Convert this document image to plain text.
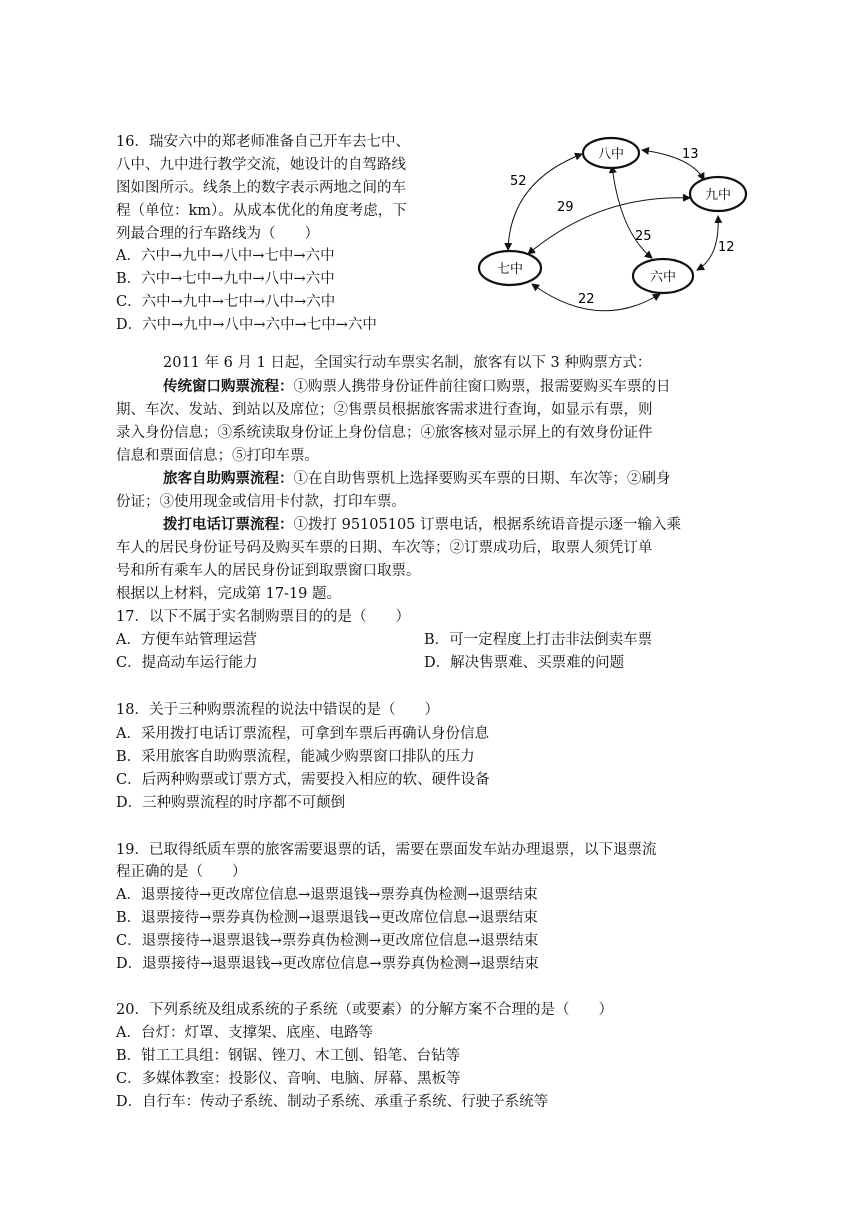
16．瑞安六中的郑老师准备自己开车去七中、
八中、九中进行教学交流，她设计的自驾路线
图如图所示。线条上的数字表示两地之间的车
程（单位：km）。从成本优化的角度考虑，下
列最合理的行车路线为（　　）
A．六中→九中→八中→七中→六中
B．六中→七中→九中→八中→六中
C．六中→九中→七中→八中→六中
D．六中→九中→八中→六中→七中→六中
52
13
29
25
12
22
八中
九中
七中
六中
2011 年 6 月 1 日起，全国实行动车票实名制，旅客有以下 3 种购票方式：
传统窗口购票流程：①购票人携带身份证件前往窗口购票，报需要购买车票的日
期、车次、发站、到站以及席位；②售票员根据旅客需求进行查询，如显示有票，则
录入身份信息；③系统读取身份证上身份信息；④旅客核对显示屏上的有效身份证件
信息和票面信息；⑤打印车票。
旅客自助购票流程：①在自助售票机上选择要购买车票的日期、车次等；②刷身
份证；③使用现金或信用卡付款，打印车票。
拨打电话订票流程：①拨打 95105105 订票电话，根据系统语音提示逐一输入乘
车人的居民身份证号码及购买车票的日期、车次等；②订票成功后，取票人须凭订单
号和所有乘车人的居民身份证到取票窗口取票。
根据以上材料，完成第 17-19 题。
17．以下不属于实名制购票目的的是（　　）
A．方便车站管理运营	B．可一定程度上打击非法倒卖车票
C．提高动车运行能力	D．解决售票难、买票难的问题
18．关于三种购票流程的说法中错误的是（　　）
A．采用拨打电话订票流程，可拿到车票后再确认身份信息
B．采用旅客自助购票流程，能减少购票窗口排队的压力
C．后两种购票或订票方式，需要投入相应的软、硬件设备
D．三种购票流程的时序都不可颠倒
19．已取得纸质车票的旅客需要退票的话，需要在票面发车站办理退票，以下退票流
程正确的是（　　）
A．退票接待→更改席位信息→退票退钱→票券真伪检测→退票结束
B．退票接待→票券真伪检测→退票退钱→更改席位信息→退票结束
C．退票接待→退票退钱→票券真伪检测→更改席位信息→退票结束
D．退票接待→退票退钱→更改席位信息→票券真伪检测→退票结束
20．下列系统及组成系统的子系统（或要素）的分解方案不合理的是（　　）
A．台灯：灯罩、支撑架、底座、电路等
B．钳工工具组：钢锯、锉刀、木工刨、铅笔、台钻等
C．多媒体教室：投影仪、音响、电脑、屏幕、黑板等
D．自行车：传动子系统、制动子系统、承重子系统、行驶子系统等
